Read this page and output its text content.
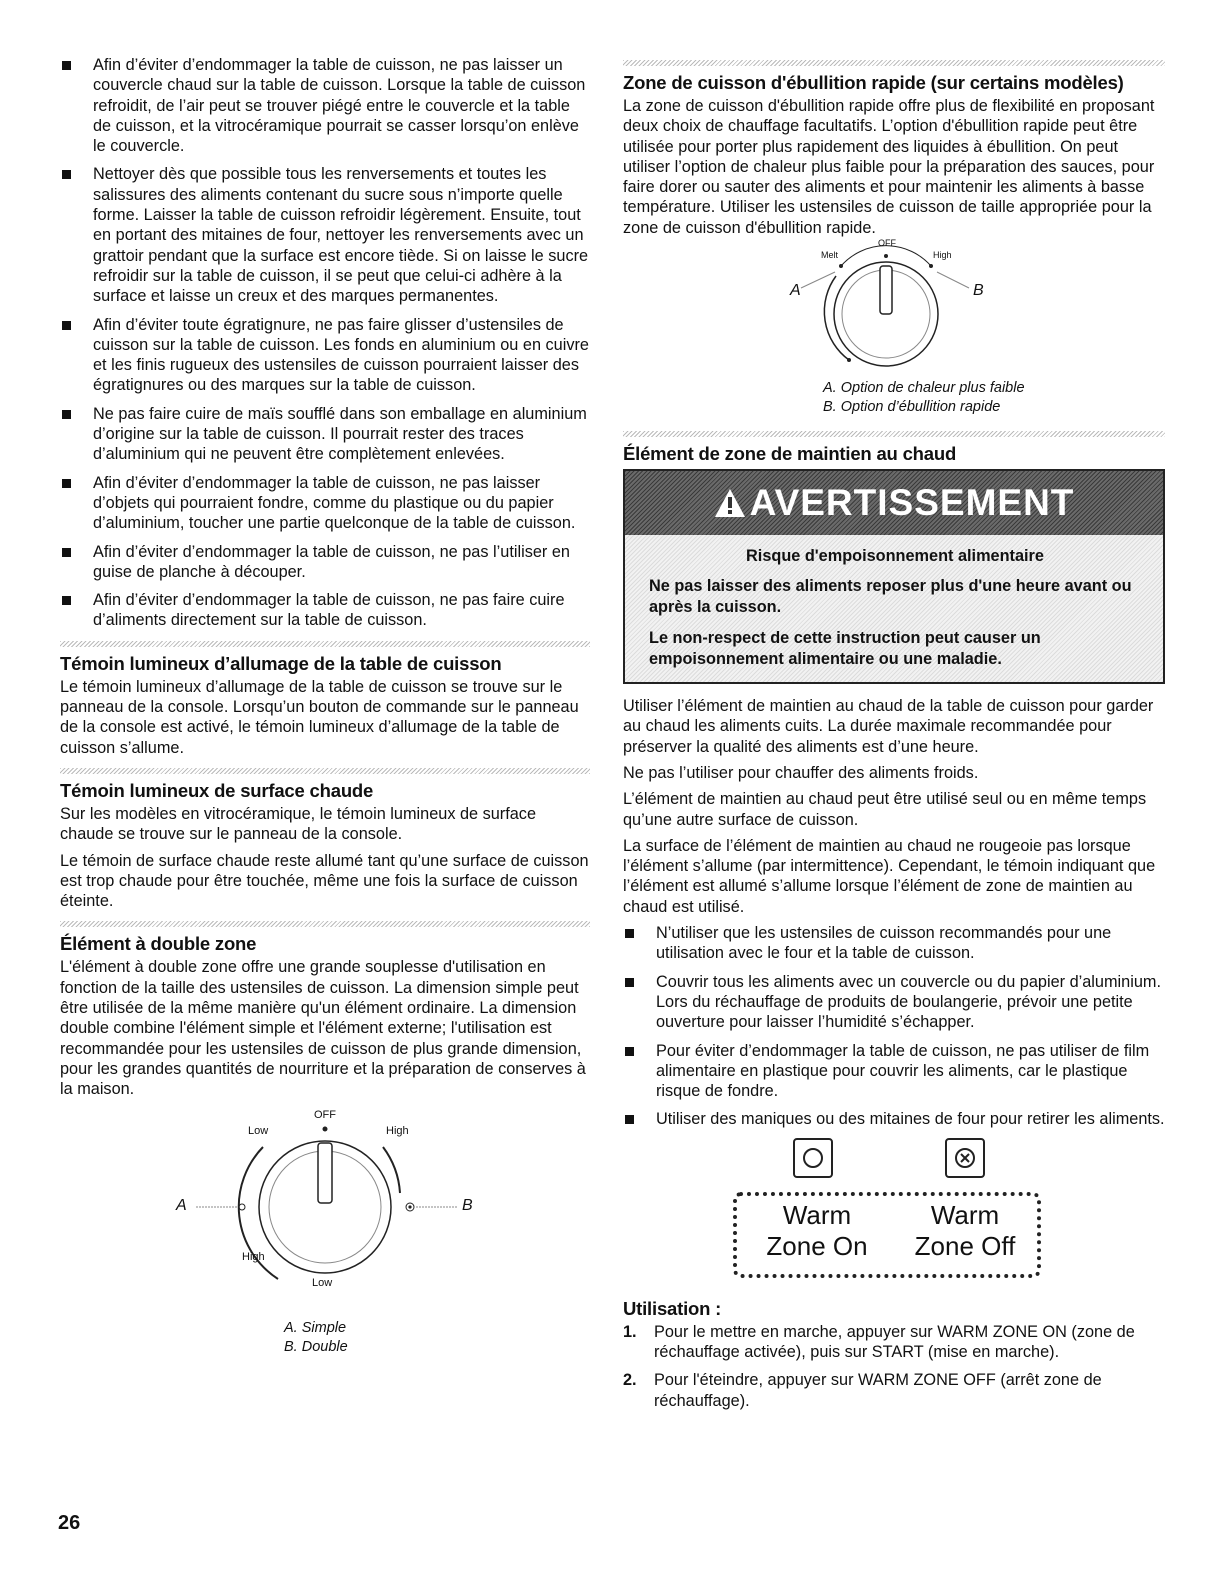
Afin d’éviter d’endommager la table de cuisson, ne pas laisser un couvercle chaud sur la table de cuisson. Lorsque la table de cuisson refroidit, de l’air peut se trouver piégé entre le couvercle et la table de cuisson, et la vitrocéramique pourrait se casser lorsqu’on enlève le couvercle.
Nettoyer dès que possible tous les renversements et toutes les salissures des aliments contenant du sucre sous n’importe quelle forme. Laisser la table de cuisson refroidir légèrement. Ensuite, tout en portant des mitaines de four, nettoyer les renversements avec un grattoir pendant que la surface est encore tiède. Si on laisse le sucre refroidir sur la table de cuisson, il se peut que celui-ci adhère à la surface et laisse un creux et des marques permanentes.
Afin d’éviter toute égratignure, ne pas faire glisser d’ustensiles de cuisson sur la table de cuisson. Les fonds en aluminium ou en cuivre et les finis rugueux des ustensiles de cuisson pourraient laisser des égratignures ou des marques sur la table de cuisson.
Ne pas faire cuire de maïs soufflé dans son emballage en aluminium d’origine sur la table de cuisson. Il pourrait rester des traces d’aluminium qui ne peuvent être complètement enlevées.
Afin d’éviter d’endommager la table de cuisson, ne pas laisser d’objets qui pourraient fondre, comme du plastique ou du papier d’aluminium, toucher une partie quelconque de la table de cuisson.
Afin d’éviter d’endommager la table de cuisson, ne pas l’utiliser en guise de planche à découper.
Afin d’éviter d’endommager la table de cuisson, ne pas faire cuire d’aliments directement sur la table de cuisson.
Témoin lumineux d’allumage de la table de cuisson

Le témoin lumineux d’allumage de la table de cuisson se trouve sur le panneau de la console. Lorsqu’un bouton de commande sur le panneau de la console est activé, le témoin lumineux d’allumage de la table de cuisson s’allume.

Témoin lumineux de surface chaude

Sur les modèles en vitrocéramique, le témoin lumineux de surface chaude se trouve sur le panneau de la console.

Le témoin de surface chaude reste allumé tant qu’une surface de cuisson est trop chaude pour être touchée, même une fois la surface de cuisson éteinte.

Élément à double zone

L'élément à double zone offre une grande souplesse d'utilisation en fonction de la taille des ustensiles de cuisson. La dimension simple peut être utilisée de la même manière qu'un élément ordinaire. La dimension double combine l'élément simple et l'élément externe; l'utilisation est recommandée pour les ustensiles de cuisson de plus grande dimension, pour les grandes quantités de nourriture et la préparation de conserves à la maison.

OFF
Low	High
High
Low
A	B
A. Simple
B. Double
Zone de cuisson d'ébullition rapide (sur certains modèles)

La zone de cuisson d'ébullition rapide offre plus de flexibilité en proposant deux choix de chauffage facultatifs. L’option d'ébullition rapide peut être utilisée pour porter plus rapidement des liquides à ébullition. On peut utiliser l’option de chaleur plus faible pour la préparation des sauces, pour faire dorer ou sauter des aliments et pour maintenir les aliments à basse température. Utiliser les ustensiles de cuisson de taille appropriée pour la zone de cuisson d'ébullition rapide.

OFF
Melt	High
A	B
A. Option de chaleur plus faible
B. Option d’ébullition rapide
Élément de zone de maintien au chaud
AVERTISSEMENT
Risque d'empoisonnement alimentaire
Ne pas laisser des aliments reposer plus d'une heure avant ou après la cuisson.
Le non-respect de cette instruction peut causer un empoisonnement alimentaire ou une maladie.

Utiliser l’élément de maintien au chaud de la table de cuisson pour garder au chaud les aliments cuits. La durée maximale recommandée pour préserver la qualité des aliments est d’une heure.

Ne pas l’utiliser pour chauffer des aliments froids.

L’élément de maintien au chaud peut être utilisé seul ou en même temps qu’une autre surface de cuisson.

La surface de l’élément de maintien au chaud ne rougeoie pas lorsque l’élément s’allume (par intermittence). Cependant, le témoin indiquant que l’élément est allumé s’allume lorsque l’élément de zone de maintien au chaud est utilisé.

N’utiliser que les ustensiles de cuisson recommandés pour une utilisation avec le four et la table de cuisson.
Couvrir tous les aliments avec un couvercle ou du papier d’aluminium. Lors du réchauffage de produits de boulangerie, prévoir une petite ouverture pour laisser l’humidité s’échapper.
Pour éviter d’endommager la table de cuisson, ne pas utiliser de film alimentaire en plastique pour couvrir les aliments, car le plastique risque de fondre.
Utiliser des maniques ou des mitaines de four pour retirer les aliments.
Warm
Zone On
Warm
Zone Off
Utilisation :
1. Pour le mettre en marche, appuyer sur WARM ZONE ON (zone de réchauffage activée), puis sur START (mise en marche).
2. Pour l'éteindre, appuyer sur WARM ZONE OFF (arrêt zone de réchauffage).
26
